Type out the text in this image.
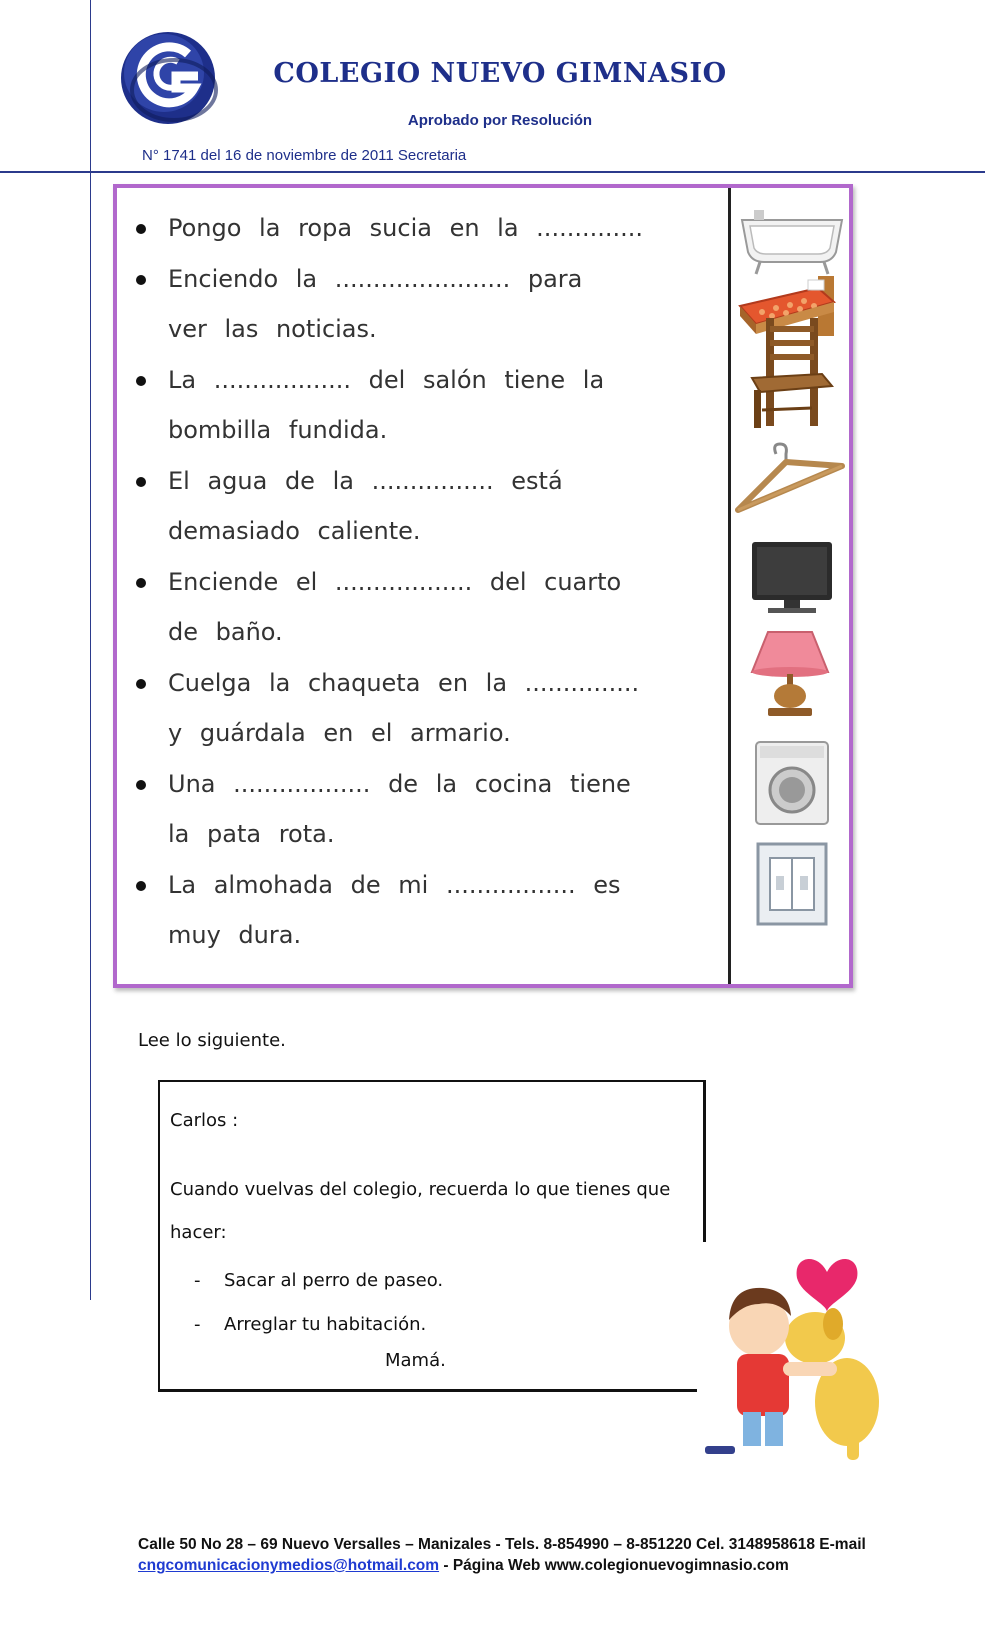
COLEGIO NUEVO GIMNASIO
Aprobado por Resolución
N° 1741 del 16 de noviembre de 2011 Secretaria
Pongo la ropa sucia en la ..............
Enciendo la ....................... para
ver las noticias.
La .................. del salón tiene la
bombilla fundida.
El agua de la ................ está
demasiado caliente.
Enciende el .................. del cuarto
de baño.
Cuelga la chaqueta en la ...............
y guárdala en el armario.
Una .................. de la cocina tiene
la pata rota.
La almohada de mi ................. es
muy dura.
Lee lo siguiente.
Carlos :
Cuando vuelvas del colegio, recuerda lo que tienes que hacer:
- Sacar al perro de paseo.
- Arreglar tu habitación.
Mamá.
Calle 50 No 28 – 69 Nuevo Versalles – Manizales - Tels. 8-854990 – 8-851220 Cel. 3148958618 E-mail
cngcomunicacionymedios@hotmail.com - Página Web www.colegionuevogimnasio.com
